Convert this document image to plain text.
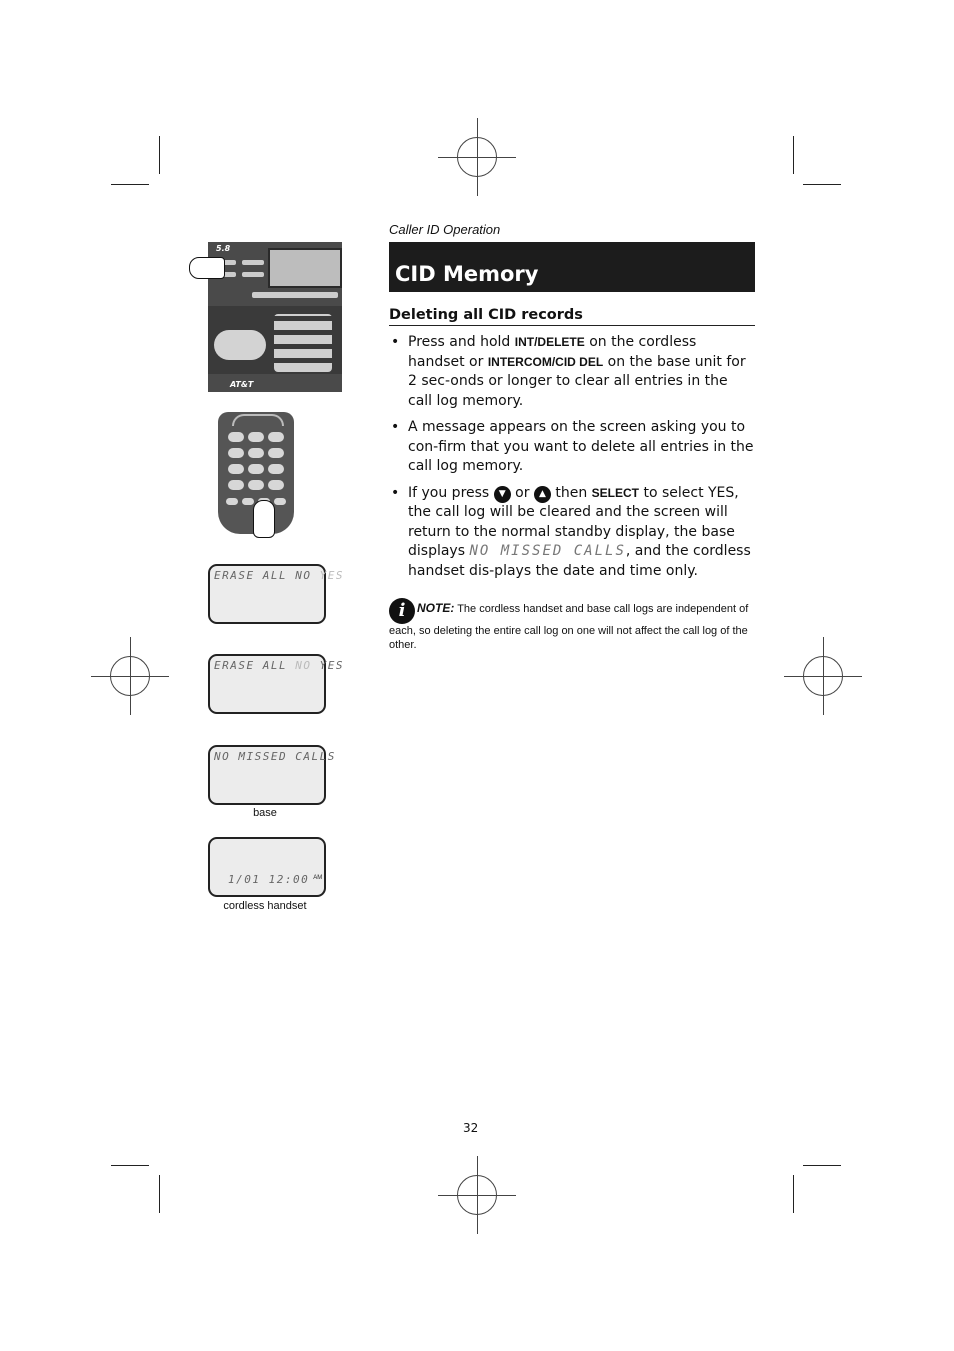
Caller ID Operation
CID Memory
Deleting all CID records
• Press and hold INT/DELETE on the cordless handset or INTERCOM/CID DEL on the base unit for 2 sec-onds or longer to clear all entries in the call log memory.
• A message appears on the screen asking you to con-firm that you want to delete all entries in the call log memory.
• If you press ▼ or ▲ then SELECT to select YES, the call log will be cleared and the screen will return to the normal standby display, the base displays NO MISSED CALLS, and the cordless handset dis-plays the date and time only.
i NOTE: The cordless handset and base call logs are independent of each, so deleting the entire call log on one will not affect the call log of the other.
5.8
AT&T
ERASE ALL NO YES
ERASE ALL NO YES
NO MISSED CALLS
base
1/01 12:00 $^{AM}$
cordless handset
32
